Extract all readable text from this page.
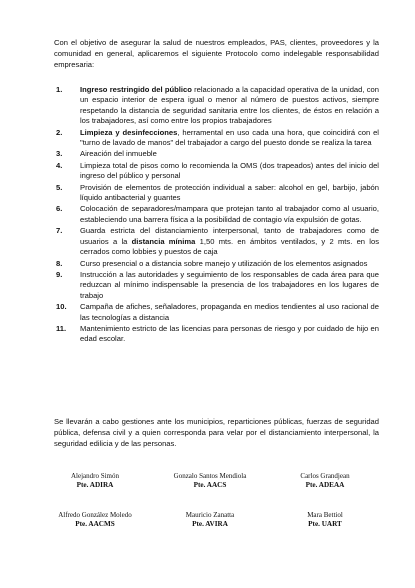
Con el objetivo de asegurar la salud de nuestros empleados, PAS, clientes, proveedores y la comunidad en general, aplicaremos el siguiente Protocolo como indelegable responsabilidad empresaria:

1.	Ingreso restringido del público relacionado a la capacidad operativa de la unidad, con un espacio interior de espera igual o menor al número de puestos activos, siempre respetando la distancia de seguridad sanitaria entre los clientes, de éstos en relación a los trabajadores, así como entre los propios trabajadores
2.	Limpieza y desinfecciones, herramental en uso cada una hora, que coincidirá con el "turno de lavado de manos" del trabajador a cargo del puesto donde se realiza la tarea
3.	Aireación del inmueble
4.	Limpieza total de pisos como lo recomienda la OMS (dos trapeados) antes del inicio del ingreso del público y personal
5.	Provisión de elementos de protección individual a saber: alcohol en gel, barbijo, jabón líquido antibacterial y guantes
6.	Colocación de separadores/mampara que protejan tanto al trabajador como al usuario, estableciendo una barrera física a la posibilidad de contagio vía expulsión de gotas.
7.	Guarda estricta del distanciamiento interpersonal, tanto de trabajadores como de usuarios a la distancia mínima 1,50 mts. en ámbitos ventilados, y 2 mts. en los cerrados como lobbies y puestos de caja
8.	Curso presencial o a distancia sobre manejo y utilización de los elementos asignados
9.	Instrucción a las autoridades y seguimiento de los responsables de cada área para que reduzcan al mínimo indispensable la presencia de los trabajadores en los lugares de trabajo
10.	Campaña de afiches, señaladores, propaganda en medios tendientes al uso racional de las tecnologías a distancia
11.	Mantenimiento estricto de las licencias para personas de riesgo y por cuidado de hijo en edad escolar.

Se llevarán a cabo gestiones ante los municipios, reparticiones públicas, fuerzas de seguridad pública, defensa civil y a quien corresponda para velar por el distanciamiento interpersonal, la seguridad edilicia y de las personas.

Alejandro Simón
Pte. ADIRA
Gonzalo Santos Mendiola
Pte. AACS
Carlos Grandjean
Pte. ADEAA
Alfredo González Moledo
Pte. AACMS
Mauricio Zanatta
Pte. AVIRA
Mara Bettiol
Pte. UART
